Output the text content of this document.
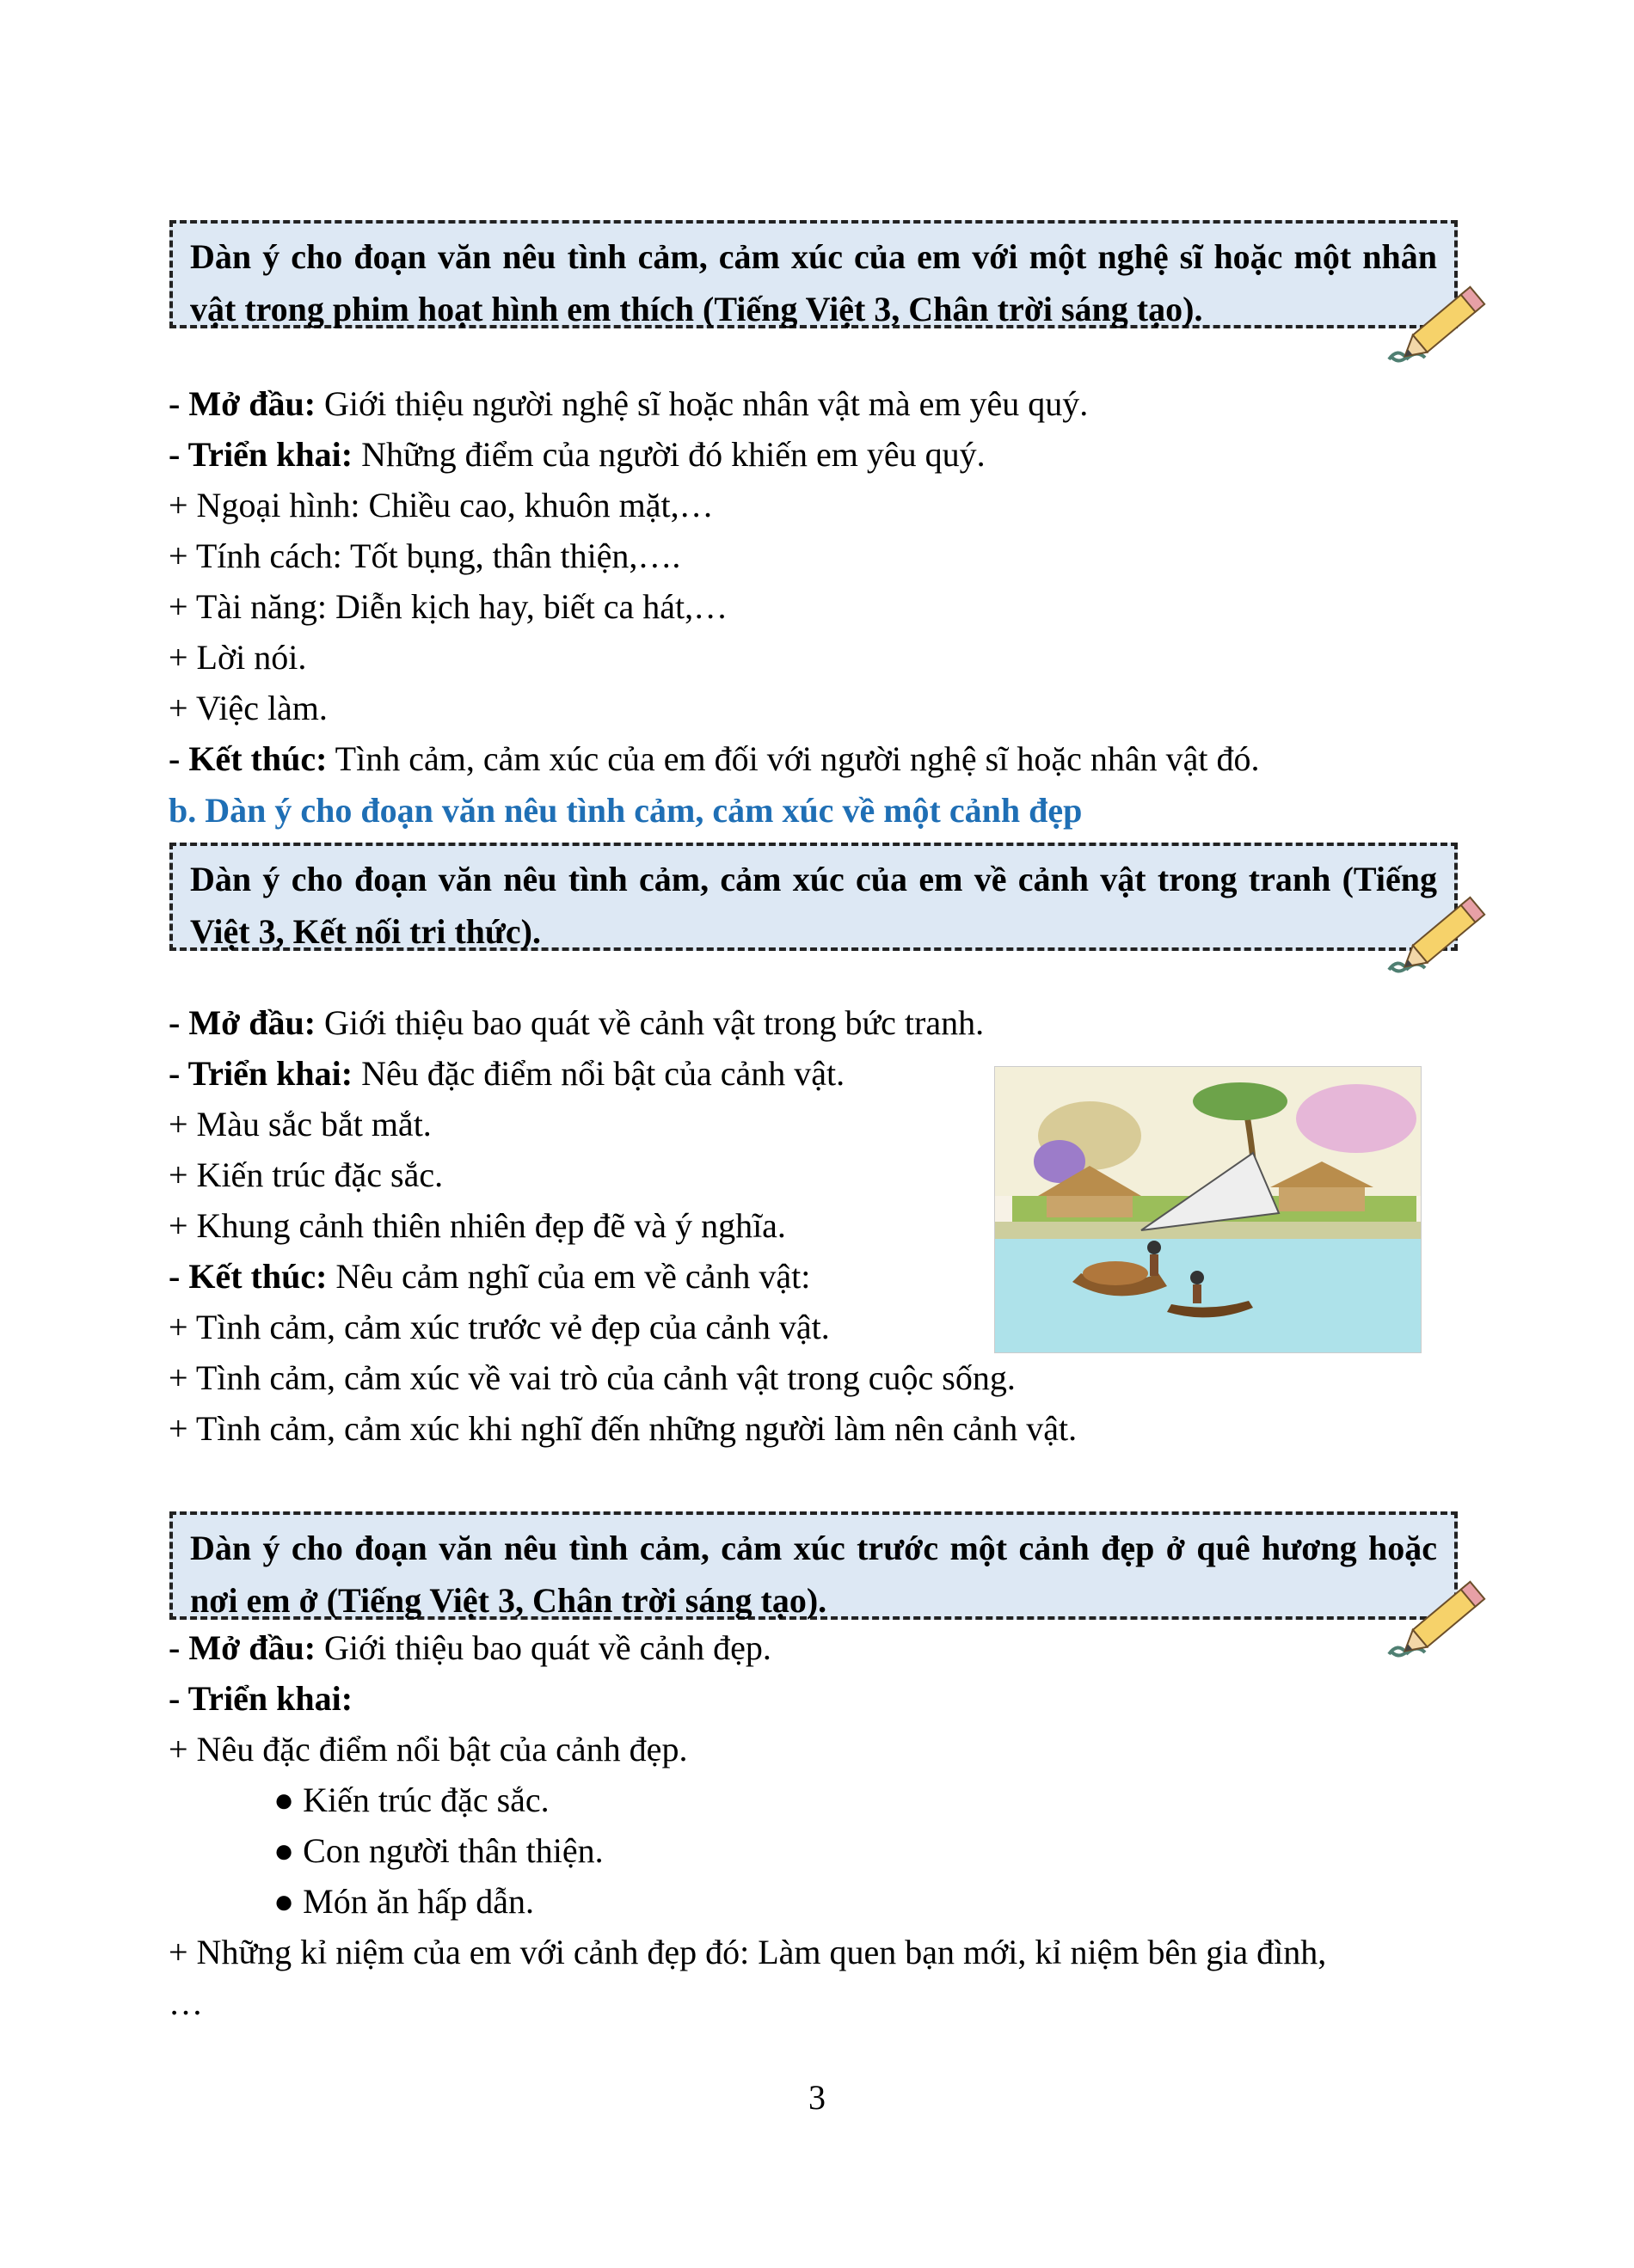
Dàn ý cho đoạn văn nêu tình cảm, cảm xúc của em với một nghệ sĩ hoặc một nhân vật trong phim hoạt hình em thích (Tiếng Việt 3, Chân trời sáng tạo).
- Mở đầu: Giới thiệu người nghệ sĩ hoặc nhân vật mà em yêu quý.
- Triển khai: Những điểm của người đó khiến em yêu quý.
+ Ngoại hình: Chiều cao, khuôn mặt,…
+ Tính cách: Tốt bụng, thân thiện,….
+ Tài năng: Diễn kịch hay, biết ca hát,…
+ Lời nói.
+ Việc làm.
- Kết thúc: Tình cảm, cảm xúc của em đối với người nghệ sĩ hoặc nhân vật đó.
b. Dàn ý cho đoạn văn nêu tình cảm, cảm xúc về một cảnh đẹp
Dàn ý cho đoạn văn nêu tình cảm, cảm xúc của em về cảnh vật trong tranh (Tiếng Việt 3, Kết nối tri thức).
- Mở đầu: Giới thiệu bao quát về cảnh vật trong bức tranh.
- Triển khai: Nêu đặc điểm nổi bật của cảnh vật.
+ Màu sắc bắt mắt.
+ Kiến trúc đặc sắc.
+ Khung cảnh thiên nhiên đẹp đẽ và ý nghĩa.
- Kết thúc: Nêu cảm nghĩ của em về cảnh vật:
+ Tình cảm, cảm xúc trước vẻ đẹp của cảnh vật.
+ Tình cảm, cảm xúc về vai trò của cảnh vật trong cuộc sống.
+ Tình cảm, cảm xúc khi nghĩ đến những người làm nên cảnh vật.
Dàn ý cho đoạn văn nêu tình cảm, cảm xúc trước một cảnh đẹp ở quê hương hoặc nơi em ở (Tiếng Việt 3, Chân trời sáng tạo).
- Mở đầu: Giới thiệu bao quát về cảnh đẹp.
- Triển khai:
+ Nêu đặc điểm nổi bật của cảnh đẹp.
● Kiến trúc đặc sắc.
● Con người thân thiện.
● Món ăn hấp dẫn.
+ Những kỉ niệm của em với cảnh đẹp đó: Làm quen bạn mới, kỉ niệm bên gia đình,
…
3
